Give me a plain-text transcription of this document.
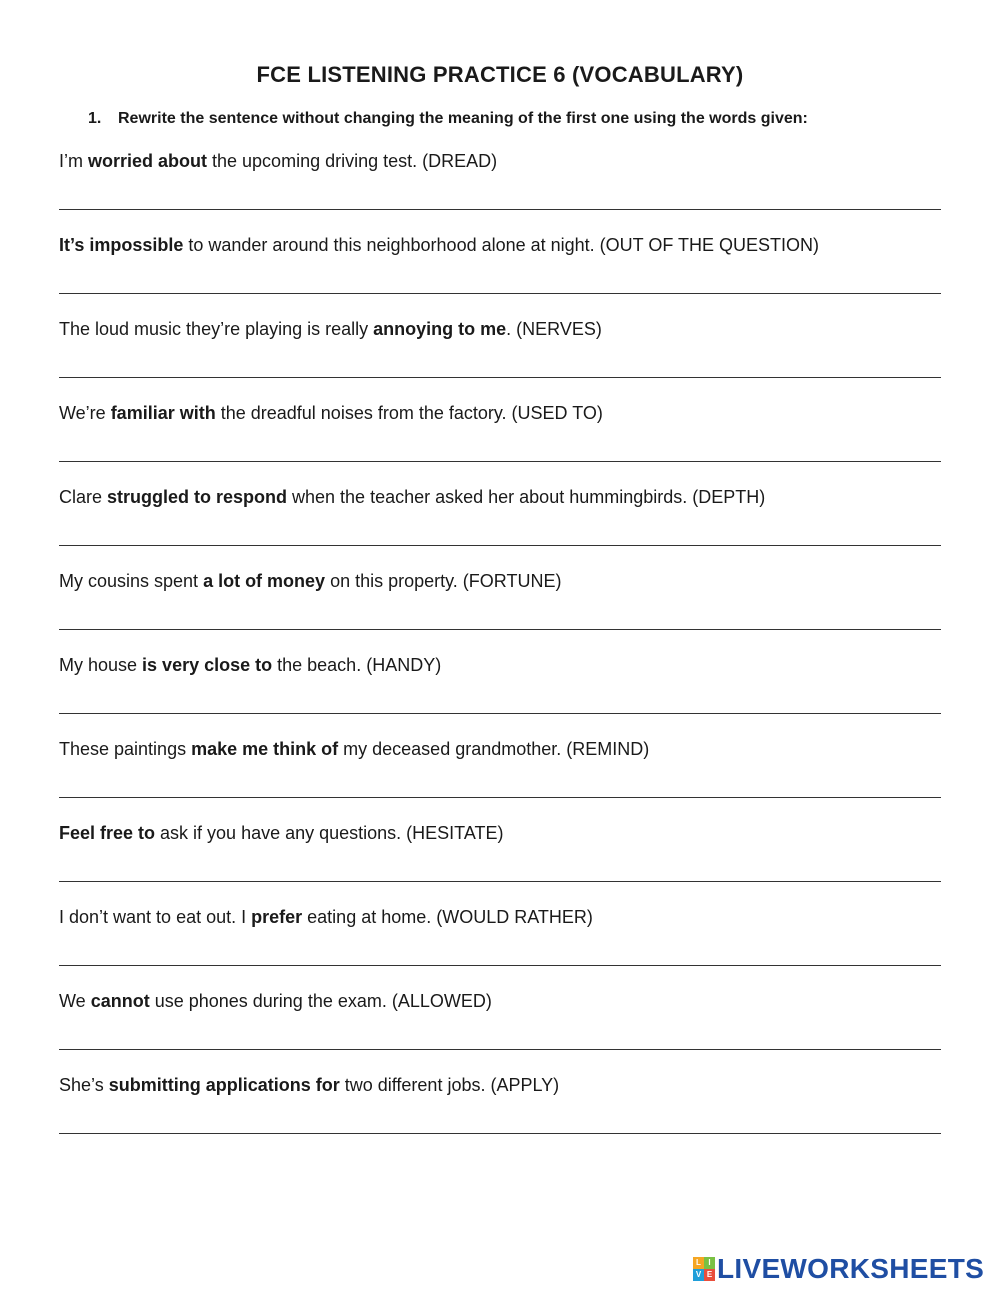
FCE LISTENING PRACTICE 6 (VOCABULARY)
1. Rewrite the sentence without changing the meaning of the first one using the words given:
I’m worried about the upcoming driving test. (DREAD)
It’s impossible to wander around this neighborhood alone at night. (OUT OF THE QUESTION)
The loud music they’re playing is really annoying to me. (NERVES)
We’re familiar with the dreadful noises from the factory. (USED TO)
Clare struggled to respond when the teacher asked her about hummingbirds. (DEPTH)
My cousins spent a lot of money on this property. (FORTUNE)
My house is very close to the beach. (HANDY)
These paintings make me think of my deceased grandmother. (REMIND)
Feel free to ask if you have any questions. (HESITATE)
I don’t want to eat out. I prefer eating at home. (WOULD RATHER)
We cannot use phones during the exam. (ALLOWED)
She’s submitting applications for two different jobs. (APPLY)
L I
V E LIVEWORKSHEETS
